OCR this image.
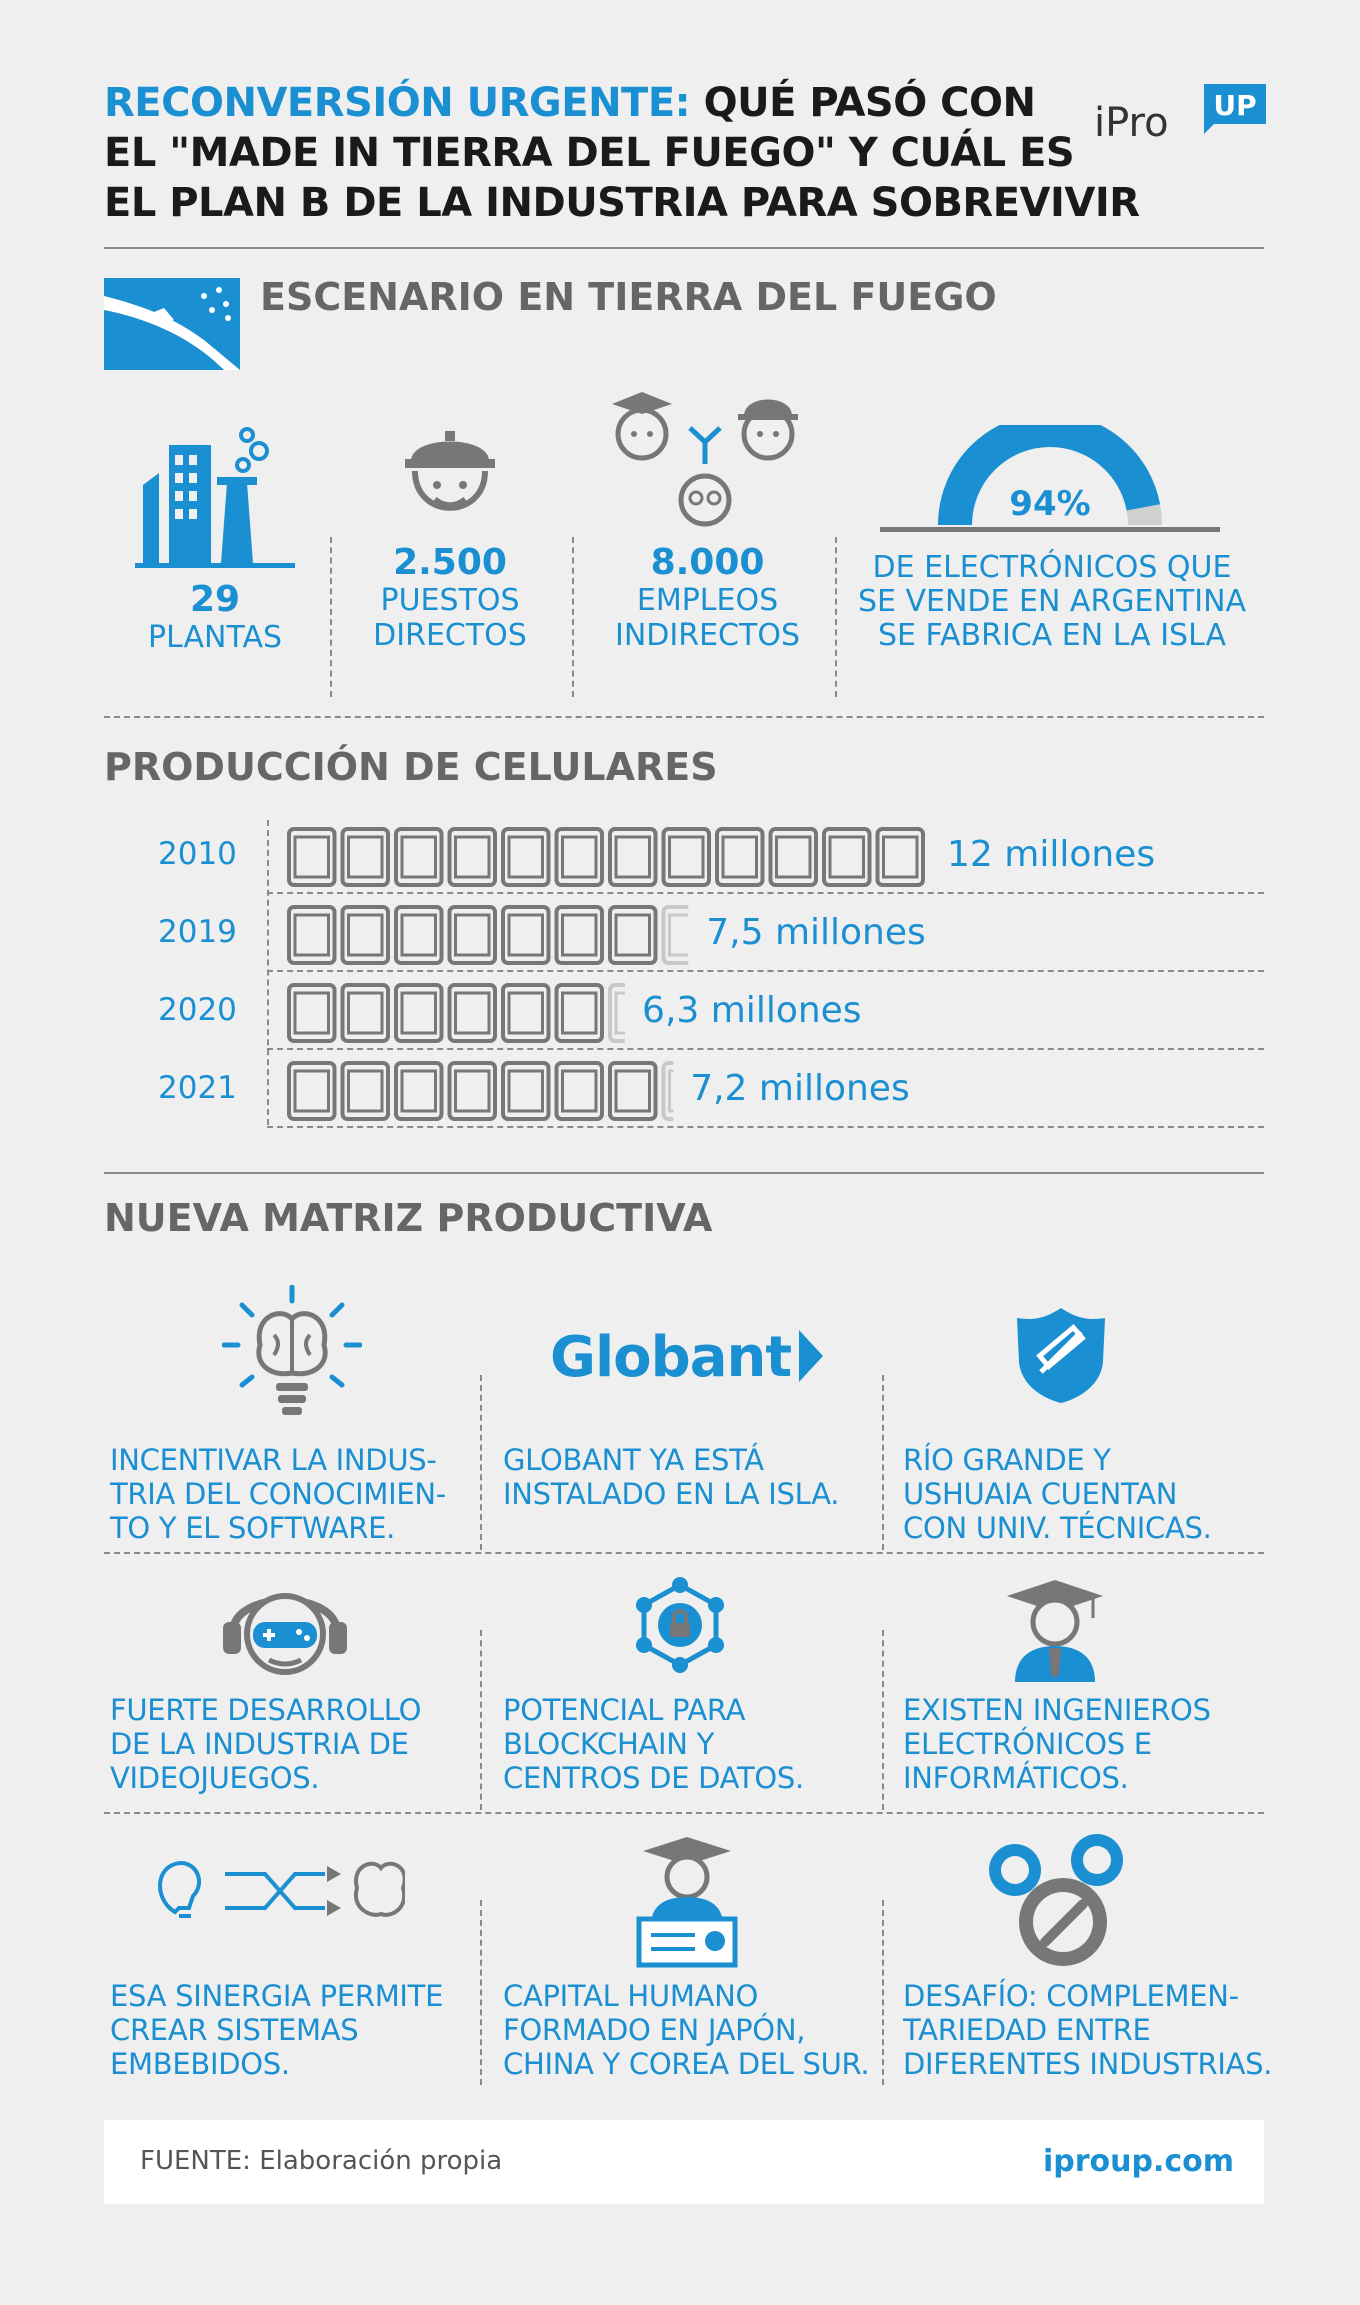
RECONVERSIÓN URGENTE: QUÉ PASÓ CON
EL "MADE IN TIERRA DEL FUEGO" Y CUÁL ES
EL PLAN B DE LA INDUSTRIA PARA SOBREVIVIR
iPro UP
ESCENARIO EN TIERRA DEL FUEGO
29
PLANTAS
2.500
PUESTOS
DIRECTOS
8.000
EMPLEOS
INDIRECTOS
94%
DE ELECTRÓNICOS QUE
SE VENDE EN ARGENTINA
SE FABRICA EN LA ISLA
PRODUCCIÓN DE CELULARES
2010	12 millones
2019	7,5 millones
2020	6,3 millones
2021	7,2 millones
NUEVA MATRIZ PRODUCTIVA
Globant
INCENTIVAR LA INDUS-
TRIA DEL CONOCIMIEN-
TO Y EL SOFTWARE.
GLOBANT YA ESTÁ
INSTALADO EN LA ISLA.
RÍO GRANDE Y
USHUAIA CUENTAN
CON UNIV. TÉCNICAS.
FUERTE DESARROLLO
DE LA INDUSTRIA DE
VIDEOJUEGOS.
POTENCIAL PARA
BLOCKCHAIN Y
CENTROS DE DATOS.
EXISTEN INGENIEROS
ELECTRÓNICOS E
INFORMÁTICOS.
ESA SINERGIA PERMITE
CREAR SISTEMAS
EMBEBIDOS.
CAPITAL HUMANO
FORMADO EN JAPÓN,
CHINA Y COREA DEL SUR.
DESAFÍO: COMPLEMEN-
TARIEDAD ENTRE
DIFERENTES INDUSTRIAS.
FUENTE: Elaboración propia	iproup.com
